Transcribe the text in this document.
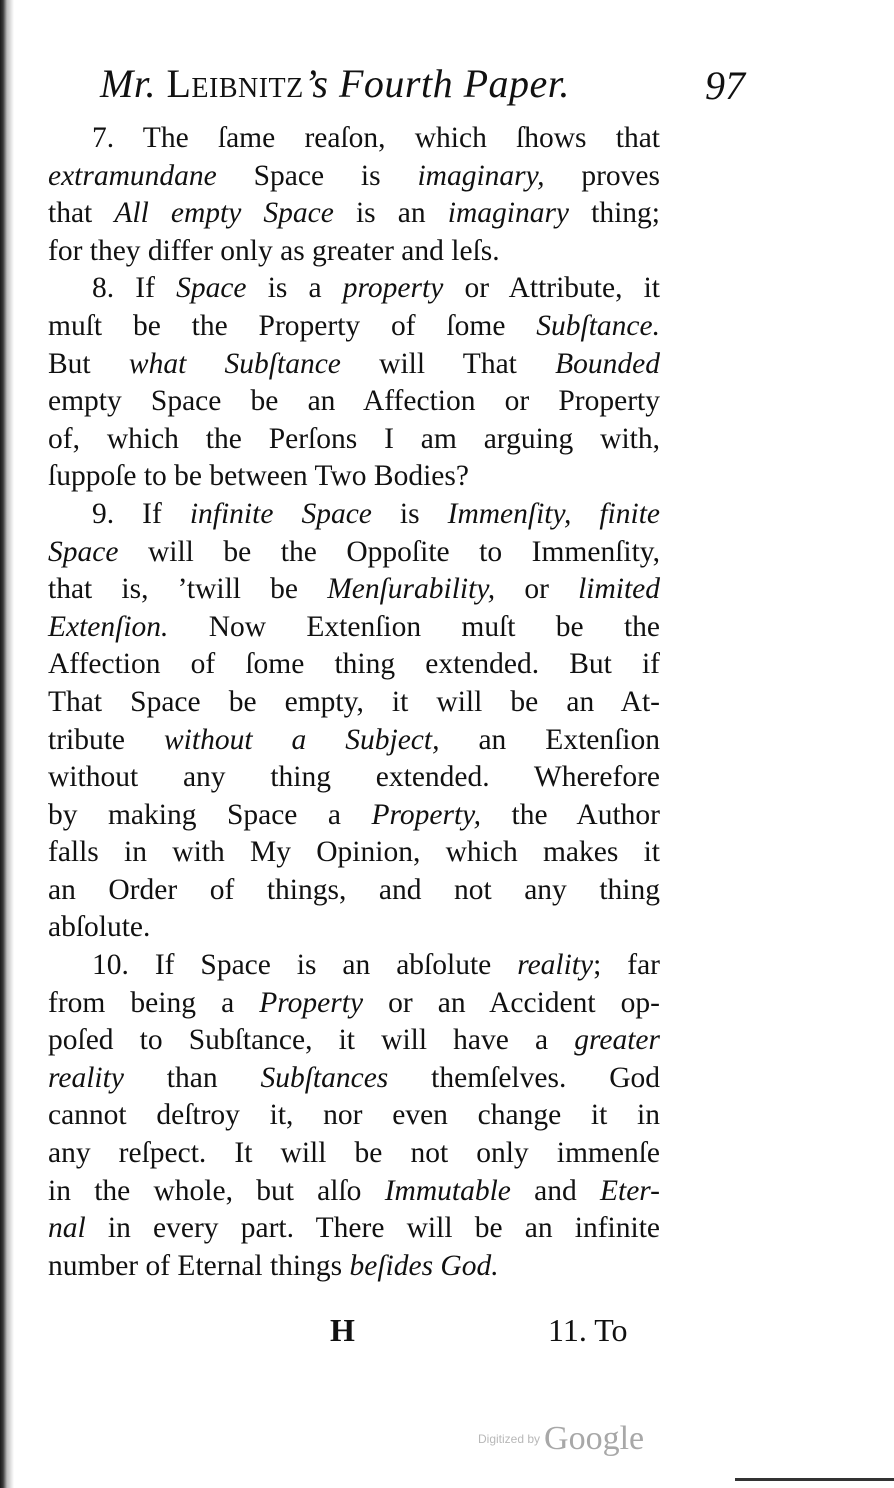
Mr. Leibnitz’s Fourth Paper.	97
7. The ſame reaſon, which ſhows that
extramundane Space is imaginary, proves
that All empty Space is an imaginary thing;
for they differ only as greater and leſs.
8. If Space is a property or Attribute, it
muſt be the Property of ſome Subſtance.
But what Subſtance will That Bounded
empty Space be an Affection or Property
of, which the Perſons I am arguing with,
ſuppoſe to be between Two Bodies?
9. If infinite Space is Immenſity, finite
Space will be the Oppoſite to Immenſity,
that is, ’twill be Menſurability, or limited
Extenſion. Now Extenſion muſt be the
Affection of ſome thing extended. But if
That Space be empty, it will be an At-
tribute without a Subject, an Extenſion
without any thing extended. Wherefore
by making Space a Property, the Author
falls in with My Opinion, which makes it
an Order of things, and not any thing
abſolute.
10. If Space is an abſolute reality; far
from being a Property or an Accident op-
poſed to Subſtance, it will have a greater
reality than Subſtances themſelves. God
cannot deſtroy it, nor even change it in
any reſpect. It will be not only immenſe
in the whole, but alſo Immutable and Eter-
nal in every part. There will be an infinite
number of Eternal things beſides God.
H	11. To
Digitized by Google
